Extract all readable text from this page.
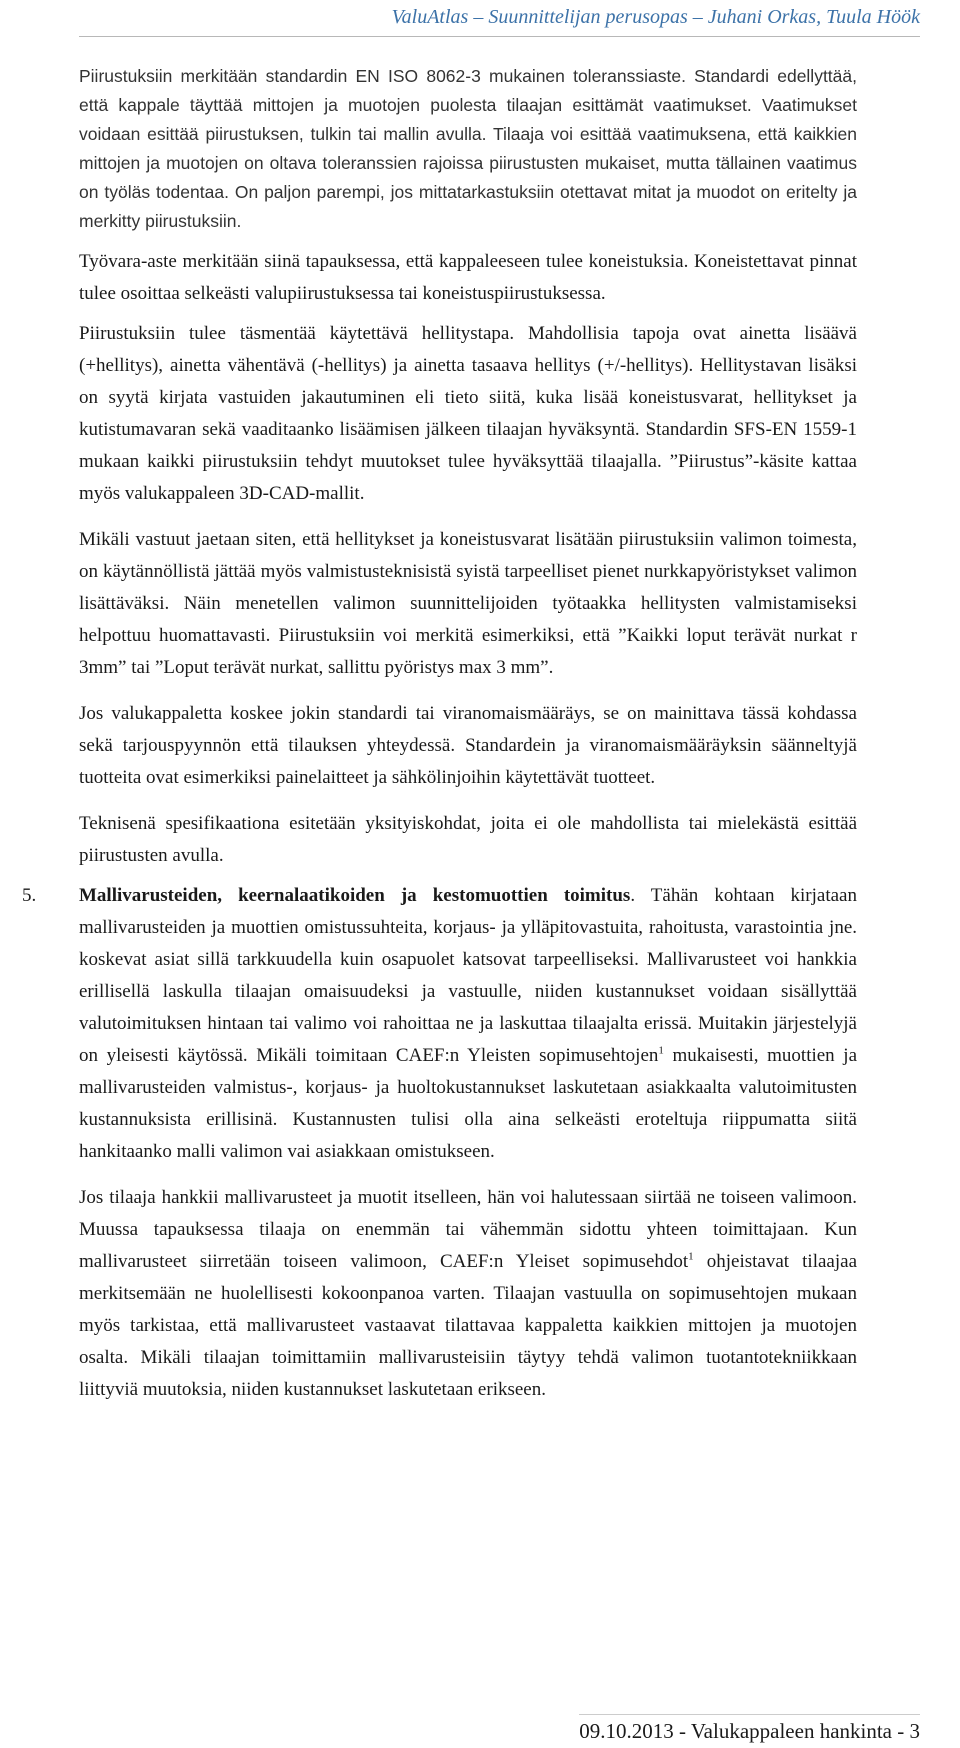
ValuAtlas – Suunnittelijan perusopas – Juhani Orkas, Tuula Höök

Piirustuksiin merkitään standardin EN ISO 8062-3 mukainen toleranssiaste. Standardi edellyttää, että kappale täyttää mittojen ja muotojen puolesta tilaajan esittämät vaatimukset. Vaatimukset voidaan esittää piirustuksen, tulkin tai mallin avulla. Tilaaja voi esittää vaatimuksena, että kaikkien mittojen ja muotojen on oltava toleranssien rajoissa piirustusten mukaiset, mutta tällainen vaatimus on työläs todentaa. On paljon parempi, jos mittatarkastuksiin otettavat mitat ja muodot on eritelty ja merkitty piirustuksiin.

Työvara-aste merkitään siinä tapauksessa, että kappaleeseen tulee koneistuksia. Koneistettavat pinnat tulee osoittaa selkeästi valupiirustuksessa tai koneistuspiirustuksessa.

Piirustuksiin tulee täsmentää käytettävä hellitystapa. Mahdollisia tapoja ovat ainetta lisäävä (+hellitys), ainetta vähentävä (-hellitys) ja ainetta tasaava hellitys (+/-hellitys). Hellitystavan lisäksi on syytä kirjata vastuiden jakautuminen eli tieto siitä, kuka lisää koneistusvarat, hellitykset ja kutistumavaran sekä vaaditaanko lisäämisen jälkeen tilaajan hyväksyntä. Standardin SFS-EN 1559-1 mukaan kaikki piirustuksiin tehdyt muutokset tulee hyväksyttää tilaajalla. ”Piirustus”-käsite kattaa myös valukappaleen 3D-CAD-mallit.

Mikäli vastuut jaetaan siten, että hellitykset ja koneistusvarat lisätään piirustuksiin valimon toimesta, on käytännöllistä jättää myös valmistusteknisistä syistä tarpeelliset pienet nurkkapyöristykset valimon lisättäväksi. Näin menetellen valimon suunnittelijoiden työtaakka hellitysten valmistamiseksi helpottuu huomattavasti. Piirustuksiin voi merkitä esimerkiksi, että ”Kaikki loput terävät nurkat r 3mm” tai ”Loput terävät nurkat, sallittu pyöristys max 3 mm”.

Jos valukappaletta koskee jokin standardi tai viranomaismääräys, se on mainittava tässä kohdassa sekä tarjouspyynnön että tilauksen yhteydessä. Standardein ja viranomaismääräyksin säänneltyjä tuotteita ovat esimerkiksi painelaitteet ja sähkölinjoihin käytettävät tuotteet.

Teknisenä spesifikaationa esitetään yksityiskohdat, joita ei ole mahdollista tai mielekästä esittää piirustusten avulla.

5. Mallivarusteiden, keernalaatikoiden ja kestomuottien toimitus. Tähän kohtaan kirjataan mallivarusteiden ja muottien omistussuhteita, korjaus- ja ylläpitovastuita, rahoitusta, varastointia jne. koskevat asiat sillä tarkkuudella kuin osapuolet katsovat tarpeelliseksi. Mallivarusteet voi hankkia erillisellä laskulla tilaajan omaisuudeksi ja vastuulle, niiden kustannukset voidaan sisällyttää valutoimituksen hintaan tai valimo voi rahoittaa ne ja laskuttaa tilaajalta erissä. Muitakin järjestelyjä on yleisesti käytössä. Mikäli toimitaan CAEF:n Yleisten sopimusehtojen$^1$ mukaisesti, muottien ja mallivarusteiden valmistus-, korjaus- ja huoltokustannukset laskutetaan asiakkaalta valutoimitusten kustannuksista erillisinä. Kustannusten tulisi olla aina selkeästi eroteltuja riippumatta siitä hankitaanko malli valimon vai asiakkaan omistukseen.

Jos tilaaja hankkii mallivarusteet ja muotit itselleen, hän voi halutessaan siirtää ne toiseen valimoon. Muussa tapauksessa tilaaja on enemmän tai vähemmän sidottu yhteen toimittajaan. Kun mallivarusteet siirretään toiseen valimoon, CAEF:n Yleiset sopimusehdot$^1$ ohjeistavat tilaajaa merkitsemään ne huolellisesti kokoonpanoa varten. Tilaajan vastuulla on sopimusehtojen mukaan myös tarkistaa, että mallivarusteet vastaavat tilattavaa kappaletta kaikkien mittojen ja muotojen osalta. Mikäli tilaajan toimittamiin mallivarusteisiin täytyy tehdä valimon tuotantotekniikkaan liittyviä muutoksia, niiden kustannukset laskutetaan erikseen.

09.10.2013 - Valukappaleen hankinta - 3
